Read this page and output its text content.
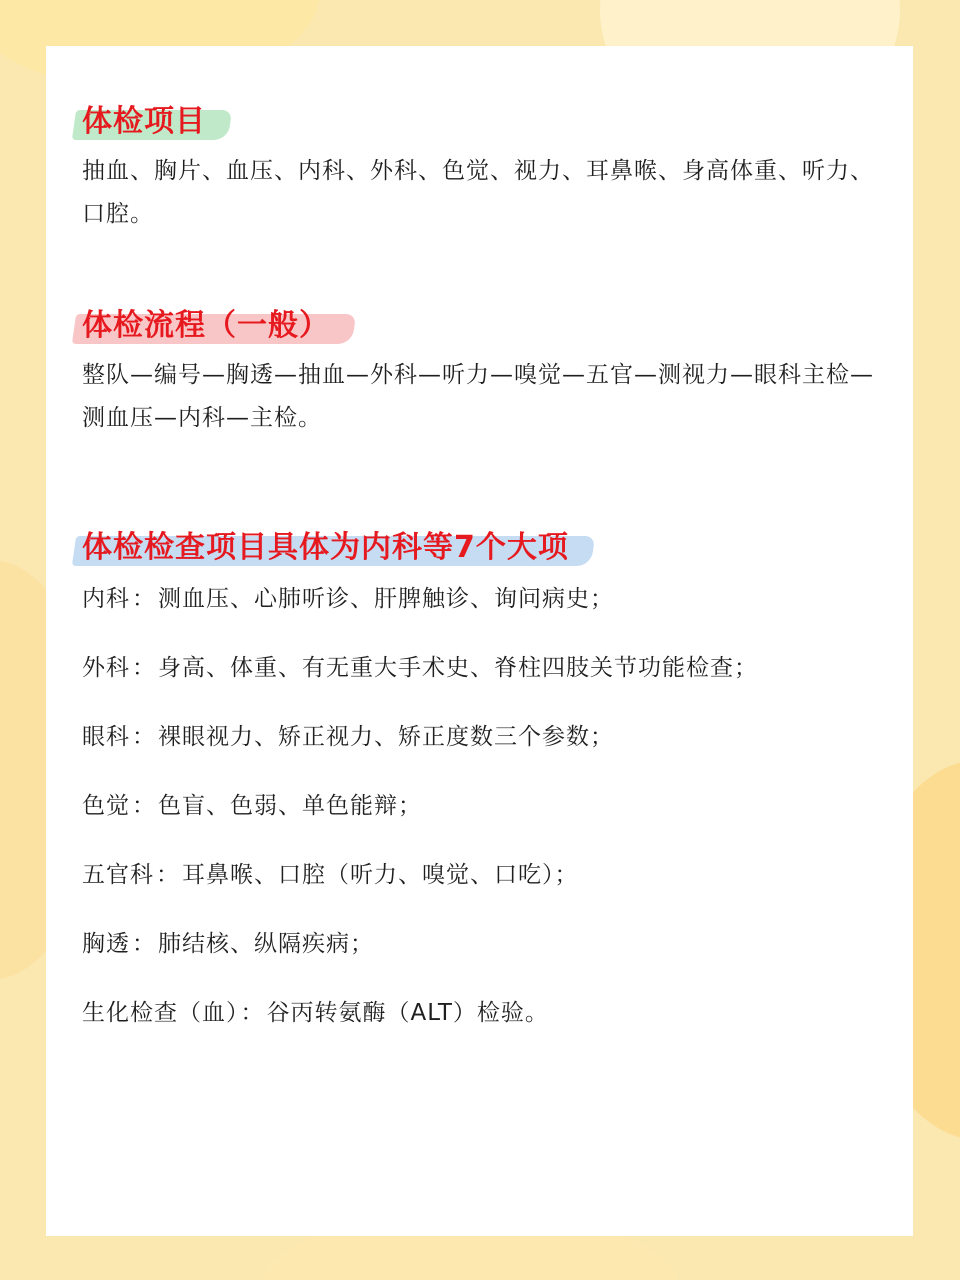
体检项目
抽血、胸片、血压、内科、外科、色觉、视力、耳鼻喉、身高体重、听力、口腔。
体检流程（一般）
整队—编号—胸透—抽血—外科—听力—嗅觉—五官—测视力—眼科主检—测血压—内科—主检。
体检检查项目具体为内科等7个大项
内科：测血压、心肺听诊、肝脾触诊、询问病史；
外科：身高、体重、有无重大手术史、脊柱四肢关节功能检查；
眼科：裸眼视力、矫正视力、矫正度数三个参数；
色觉：色盲、色弱、单色能辩；
五官科：耳鼻喉、口腔（听力、嗅觉、口吃）；
胸透：肺结核、纵隔疾病；
生化检查（血）：谷丙转氨酶（ALT）检验。
